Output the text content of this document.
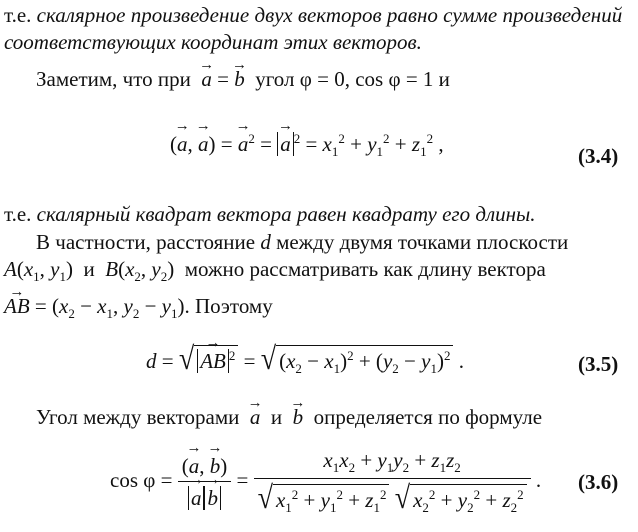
т.е. скалярное произведение двух векторов равно сумме произведений
соответствующих координат этих векторов.
Заметим, что при → a = → b угол φ = 0, cos φ = 1 и
(→ a, → a) = → $a^2$ = → a $^2 = x_1^2 + y_1^2 + z_1^2$ ,	(3.4)
т.е. скалярный квадрат вектора равен квадрату его длины.
В частности, расстояние d между двумя точками плоскости
$A(x_1$, $y_1$) и $B(x_2$, $y_2$) можно рассматривать как длину вектора
→ AB = ($x_2 - x_1$, $y_2 - y_1$). Поэтому
d = √ → AB $^2$ = √ $(x_2 - x_1)^2 + (y_2 - y_1)^2$ .	(3.5)
Угол между векторами → a и → b определяется по формуле
cos φ = (→ a, → b)
→ $a \to b = \frac{x_1x_2 + y_1y_2 + z_1z_2}{√ x_1^2 + y_1^2 + z_1^2 √ x_2^2 + y_2^2 + z_2^2}$ . (3.6)
